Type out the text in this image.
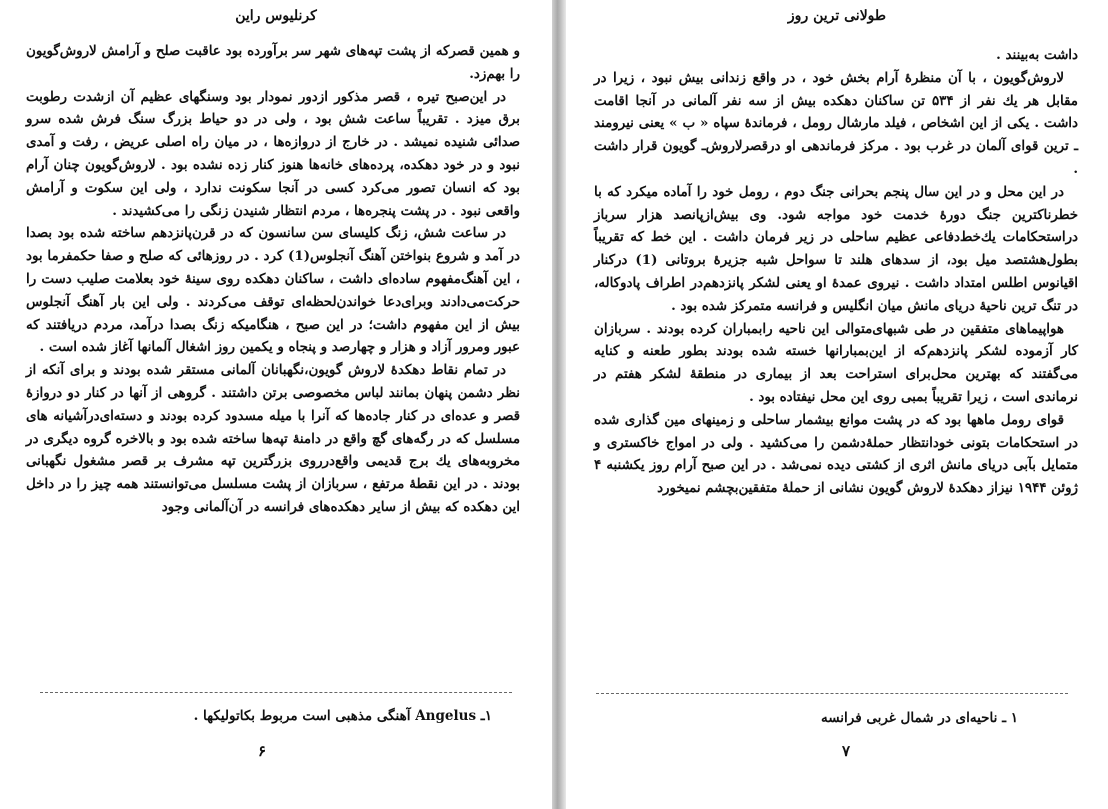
کرنلیوس راین

و همین قصرکه از پشت تپه‌های شهر سر برآورده بود عاقبت صلح و آرامش لاروش‌گویون را بهم‌زد.

در این‌صبح تیره ، قصر مذکور ازدور نمودار بود وسنگهای عظیم آن ازشدت رطوبت برق میزد . تقریباً ساعت شش بود ، ولی در دو حیاط بزرگ سنگ فرش شده سرو صدائی شنیده نمیشد . در خارج از دروازه‌ها ، در میان راه اصلی عریض ، رفت و آمدی نبود و در خود دهکده، پرده‌های خانه‌ها هنوز کنار زده نشده بود . لاروش‌گویون چنان آرام بود که انسان تصور می‌کرد کسی در آنجا سکونت ندارد ، ولی این سکوت و آرامش واقعی نبود . در پشت پنجره‌ها ، مردم انتظار شنیدن زنگی را می‌کشیدند .

در ساعت شش، زنگ کلیسای سن سانسون که در قرن‌پانزدهم ساخته شده بود بصدا در آمد و شروع بنواختن آهنگ آنجلوس(1) کرد . در روزهائی که صلح و صفا حکمفرما بود ، این آهنگ‌مفهوم ساده‌ای داشت ، ساکنان دهکده روی سینهٔ خود بعلامت صلیب دست را حرکت‌می‌دادند وبرای‌دعا خواندن‌لحظه‌ای توقف می‌کردند . ولی این بار آهنگ آنجلوس بیش از این مفهوم داشت؛ در این صبح ، هنگامیکه زنگ بصدا درآمد، مردم دریافتند که عبور ومرور آزاد و هزار و چهارصد و پنجاه و یکمین روز اشغال آلمانها آغاز شده است .

در تمام نقاط دهکدهٔ لاروش گویون،نگهبانان آلمانی مستقر شده بودند و برای آنکه از نظر دشمن پنهان بمانند لباس مخصوصی برتن داشتند . گروهی از آنها در کنار دو دروازهٔ قصر و عده‌ای در کنار جاده‌ها که آنرا با میله مسدود کرده بودند و دسته‌ای‌درآشیانه های مسلسل که در رگه‌های گچ واقع در دامنهٔ تپه‌ها ساخته شده بود و بالاخره گروه دیگری در مخروبه‌های یك برج قدیمی واقع‌درروی بزرگترین تپه مشرف بر قصر مشغول نگهبانی بودند . در این نقطهٔ مرتفع ، سربازان از پشت مسلسل می‌توانستند همه چیز را در داخل این دهکده که بیش از سایر دهکده‌های فرانسه در آن‌آلمانی وجود

۱ـ Angelus آهنگی مذهبی است مربوط بکاتولیکها .
۶
طولانی ترین روز

داشت به‌بینند .

لاروش‌گویون ، با آن منظرهٔ آرام بخش خود ، در واقع زندانی بیش نبود ، زیرا در مقابل هر یك نفر از ۵۳۴ تن ساکنان دهکده بیش از سه نفر آلمانی در آنجا اقامت داشت . یکی از این اشخاص ، فیلد مارشال رومل ، فرماندهٔ سپاه « ب » یعنی نیرومند ـ ترین قوای آلمان در غرب بود . مرکز فرماندهی او درقصرلاروش‌ـ گویون قرار داشت .

در این محل و در این سال پنجم بحرانی جنگ دوم ، رومل خود را آماده میکرد که با خطرناکترین جنگ دورهٔ خدمت خود مواجه شود. وی بیش‌ازپانصد هزار سرباز دراستحکامات یك‌خط‌دفاعی عظیم ساحلی در زیر فرمان داشت . این خط که تقریباً بطول‌هشتصد میل بود، از سدهای هلند تا سواحل شبه جزیرهٔ بروتانی (1) درکنار اقیانوس اطلس امتداد داشت . نیروی عمدهٔ او یعنی لشکر پانزدهم‌در اطراف پادوکاله، در تنگ ترین ناحیهٔ دریای مانش میان انگلیس و فرانسه متمرکز شده بود .

هواپیماهای متفقین در طی شبهای‌متوالی این ناحیه رابمباران کرده بودند . سربازان کار آزموده لشکر پانزدهم‌که از این‌بمبارانها خسته شده بودند بطور طعنه و کنایه می‌گفتند که بهترین محل‌برای استراحت بعد از بیماری در منطقهٔ لشکر هفتم در نرماندی است ، زیرا تقریباً بمبی روی این محل نیفتاده بود .

قوای رومل ماهها بود که در پشت موانع بیشمار ساحلی و زمینهای مین گذاری شده در استحکامات بتونی خودانتظار حملهٔ‌دشمن را می‌کشید . ولی در امواج خاکستری و متمایل بآبی دریای مانش اثری از کشتی دیده نمی‌شد . در این صبح آرام روز یکشنبه ۴ ژوئن ۱۹۴۴ نیزاز دهکدهٔ لاروش گویون نشانی از حملهٔ متفقین‌بچشم نمیخورد

۱ ـ ناحیه‌ای در شمال غربی فرانسه
۷
